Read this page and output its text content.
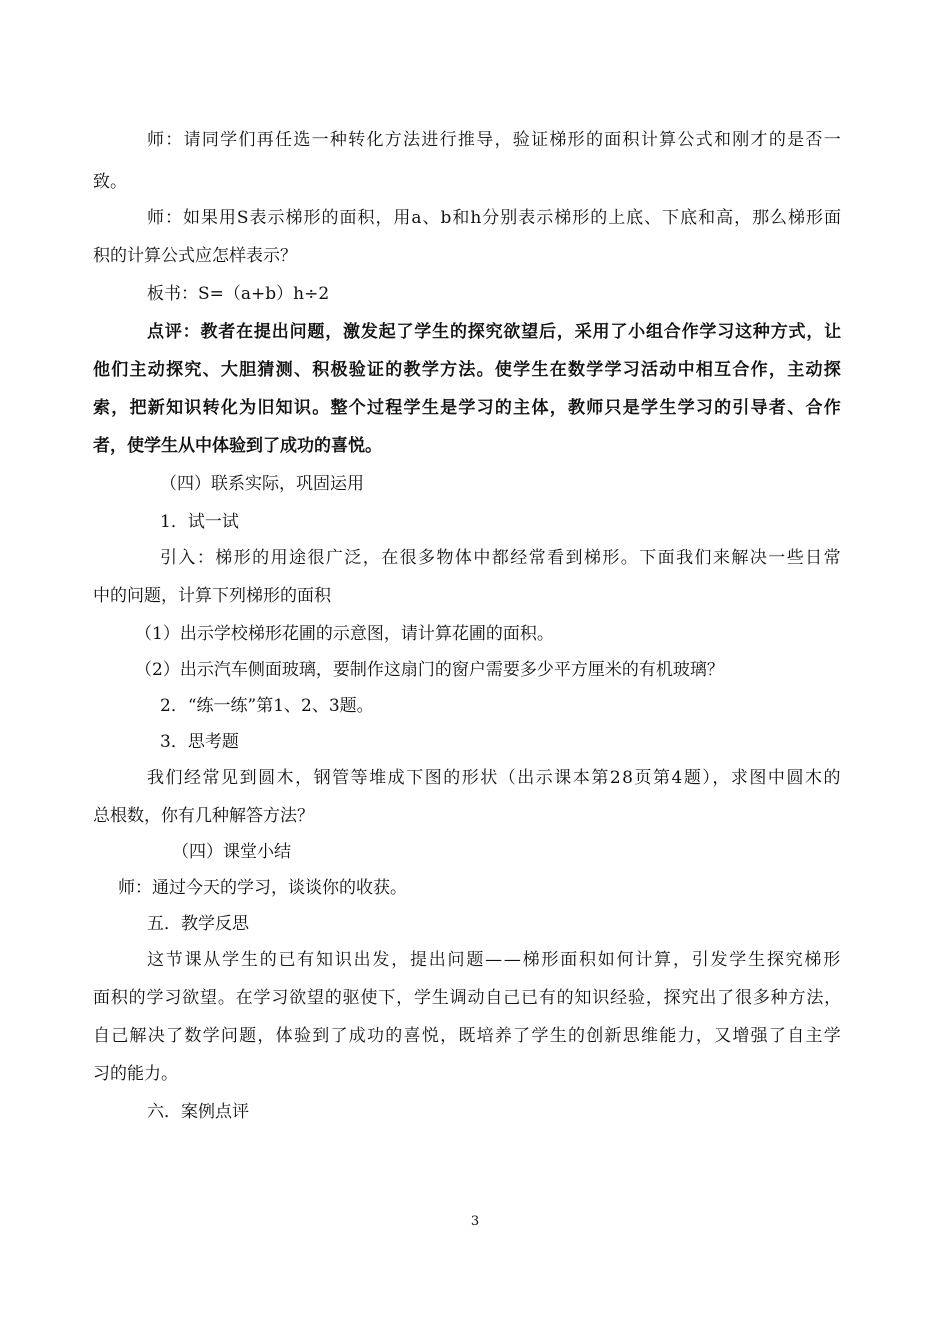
师：请同学们再任选一种转化方法进行推导，验证梯形的面积计算公式和刚才的是否一
致。
师：如果用S表示梯形的面积，用a、b和h分别表示梯形的上底、下底和高，那么梯形面
积的计算公式应怎样表示？
板书：S=（a+b）h÷2
点评：教者在提出问题，激发起了学生的探究欲望后，采用了小组合作学习这种方式，让
他们主动探究、大胆猜测、积极验证的教学方法。使学生在数学学习活动中相互合作，主动探
索，把新知识转化为旧知识。整个过程学生是学习的主体，教师只是学生学习的引导者、合作
者，使学生从中体验到了成功的喜悦。
（四）联系实际，巩固运用
1．试一试
引入：梯形的用途很广泛，在很多物体中都经常看到梯形。下面我们来解决一些日常
中的问题，计算下列梯形的面积
（1）出示学校梯形花圃的示意图，请计算花圃的面积。
（2）出示汽车侧面玻璃，要制作这扇门的窗户需要多少平方厘米的有机玻璃？
2．“练一练”第1、2、3题。
3．思考题
我们经常见到圆木，钢管等堆成下图的形状（出示课本第28页第4题），求图中圆木的
总根数，你有几种解答方法？
（四）课堂小结
师：通过今天的学习，谈谈你的收获。
五．教学反思
这节课从学生的已有知识出发，提出问题——梯形面积如何计算，引发学生探究梯形
面积的学习欲望。在学习欲望的驱使下，学生调动自己已有的知识经验，探究出了很多种方法，
自己解决了数学问题，体验到了成功的喜悦，既培养了学生的创新思维能力，又增强了自主学
习的能力。
六．案例点评
3
